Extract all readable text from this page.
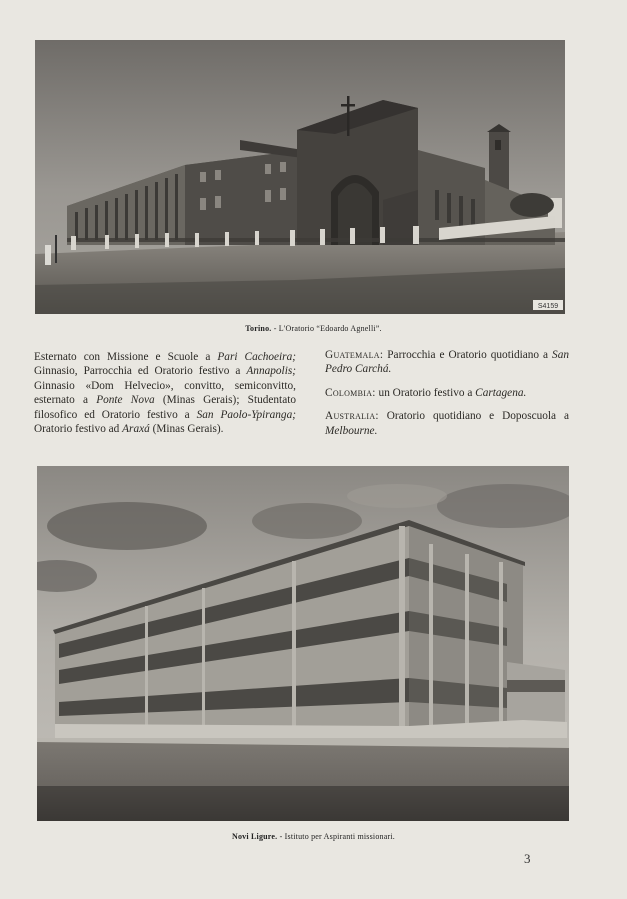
S4159
Torino. - L'Oratorio “Edoardo Agnelli”.

Esternato con Missione e Scuole a Pari Cachoeira; Ginnasio, Parrocchia ed Oratorio festivo a Annapolis; Ginnasio «Dom Helvecio», convitto, semiconvitto, esternato a Ponte Nova (Minas Gerais); Studentato filosofico ed Oratorio festivo a San Paolo-Ypiranga; Oratorio festivo ad Araxá (Minas Gerais).

Guatemala: Parrocchia e Oratorio quotidiano a San Pedro Carchá.

Colombia: un Oratorio festivo a Cartagena.

Australia: Oratorio quotidiano e Doposcuola a Melbourne.

Novi Ligure. - Istituto per Aspiranti missionari.
3
